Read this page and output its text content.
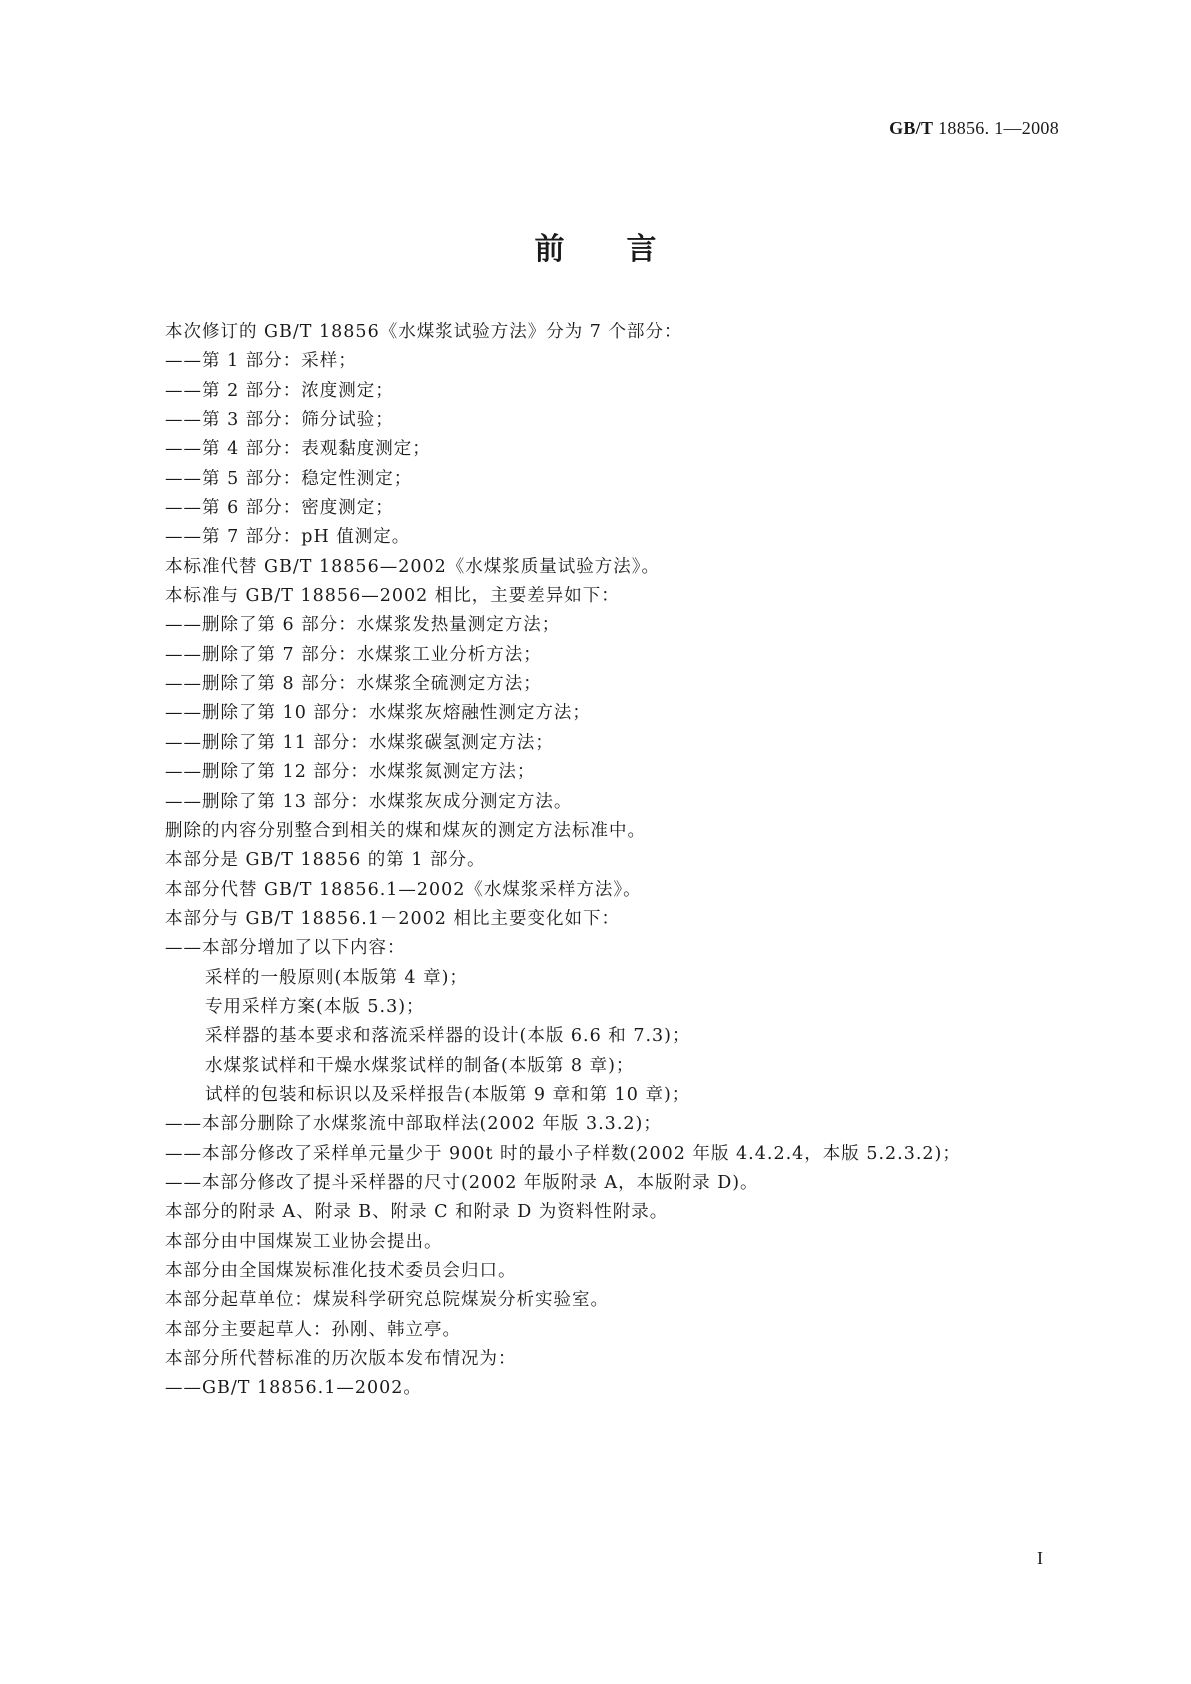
GB/T 18856. 1—2008
前言
本次修订的 GB/T 18856《水煤浆试验方法》分为 7 个部分：
——第 1 部分：采样；
——第 2 部分：浓度测定；
——第 3 部分：筛分试验；
——第 4 部分：表观黏度测定；
——第 5 部分：稳定性测定；
——第 6 部分：密度测定；
——第 7 部分：pH 值测定。
本标准代替 GB/T 18856—2002《水煤浆质量试验方法》。
本标准与 GB/T 18856—2002 相比，主要差异如下：
——删除了第 6 部分：水煤浆发热量测定方法；
——删除了第 7 部分：水煤浆工业分析方法；
——删除了第 8 部分：水煤浆全硫测定方法；
——删除了第 10 部分：水煤浆灰熔融性测定方法；
——删除了第 11 部分：水煤浆碳氢测定方法；
——删除了第 12 部分：水煤浆氮测定方法；
——删除了第 13 部分：水煤浆灰成分测定方法。
删除的内容分别整合到相关的煤和煤灰的测定方法标准中。
本部分是 GB/T 18856 的第 1 部分。
本部分代替 GB/T 18856.1—2002《水煤浆采样方法》。
本部分与 GB/T 18856.1－2002 相比主要变化如下：
——本部分增加了以下内容：
采样的一般原则(本版第 4 章)；
专用采样方案(本版 5.3)；
采样器的基本要求和落流采样器的设计(本版 6.6 和 7.3)；
水煤浆试样和干燥水煤浆试样的制备(本版第 8 章)；
试样的包装和标识以及采样报告(本版第 9 章和第 10 章)；
——本部分删除了水煤浆流中部取样法(2002 年版 3.3.2)；
——本部分修改了采样单元量少于 900t 时的最小子样数(2002 年版 4.4.2.4，本版 5.2.3.2)；
——本部分修改了提斗采样器的尺寸(2002 年版附录 A，本版附录 D)。
本部分的附录 A、附录 B、附录 C 和附录 D 为资料性附录。
本部分由中国煤炭工业协会提出。
本部分由全国煤炭标准化技术委员会归口。
本部分起草单位：煤炭科学研究总院煤炭分析实验室。
本部分主要起草人：孙刚、韩立亭。
本部分所代替标准的历次版本发布情况为：
——GB/T 18856.1—2002。
I
